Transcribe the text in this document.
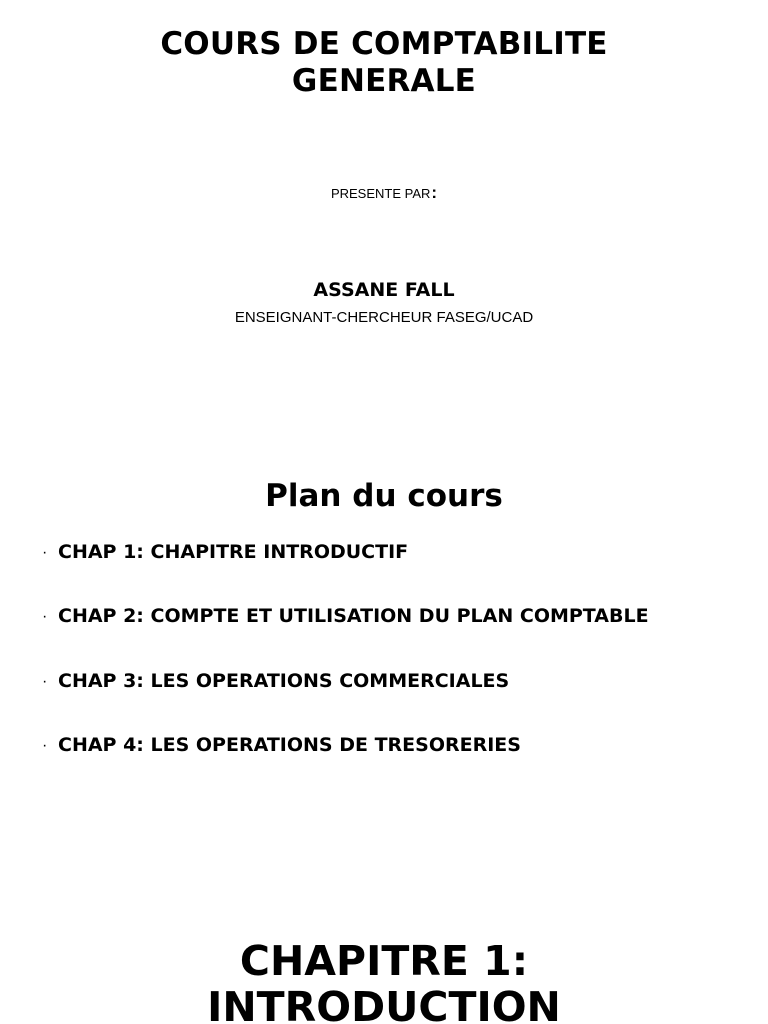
COURS DE COMPTABILITE
GENERALE
PRESENTE PAR:
ASSANE FALL
ENSEIGNANT-CHERCHEUR FASEG/UCAD
Plan du cours
· CHAP 1: CHAPITRE INTRODUCTIF
· CHAP 2: COMPTE ET UTILISATION DU PLAN COMPTABLE
· CHAP 3: LES OPERATIONS COMMERCIALES
· CHAP 4: LES OPERATIONS DE TRESORERIES
CHAPITRE 1:
INTRODUCTION
